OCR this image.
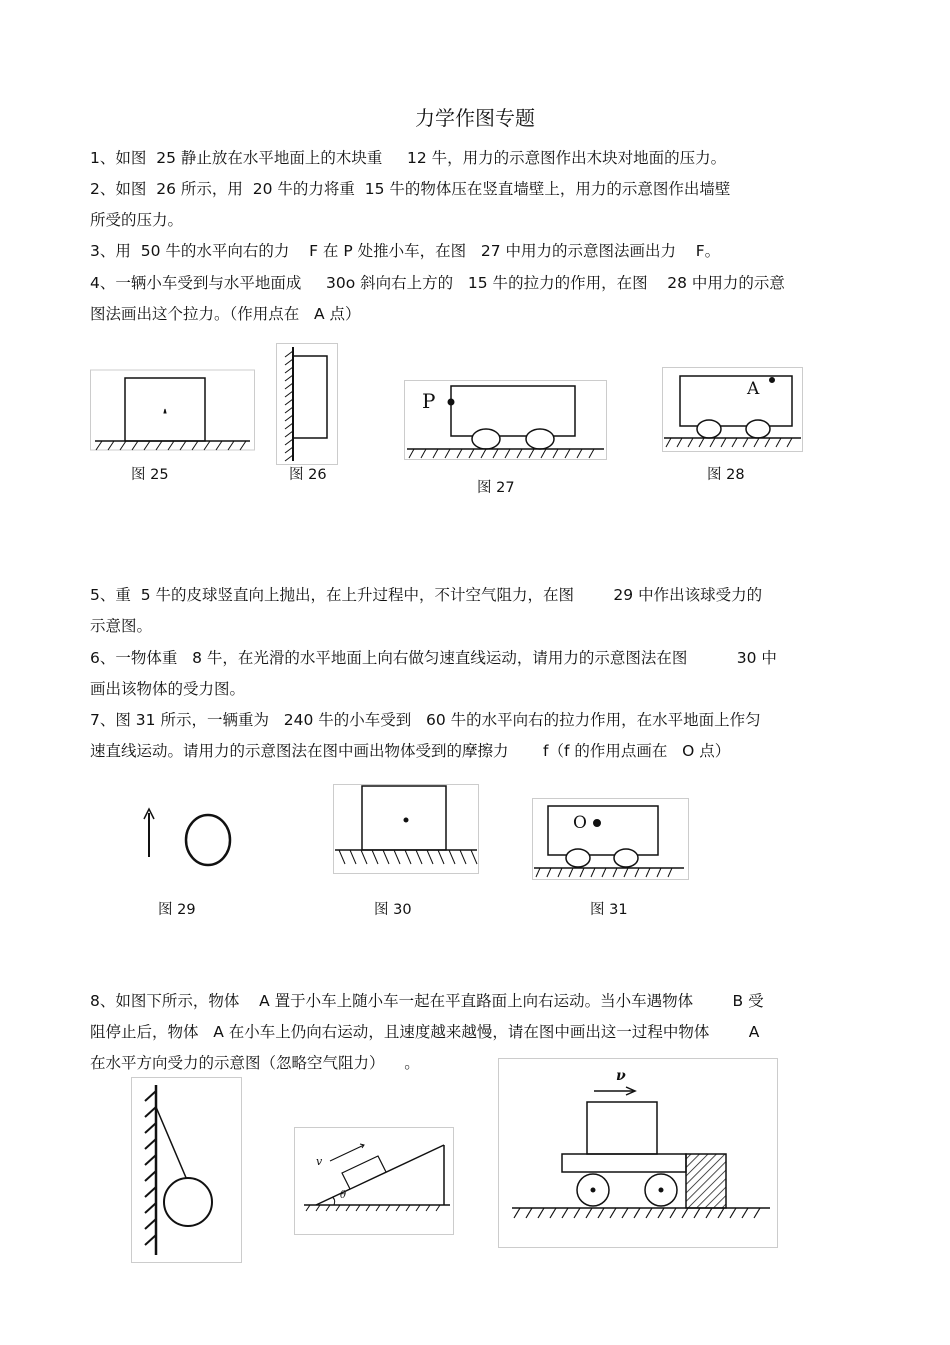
力学作图专题
1、如图  25 静止放在水平地面上的木块重     12 牛，用力的示意图作出木块对地面的压力。
2、如图  26 所示，用  20 牛的力将重  15 牛的物体压在竖直墙壁上，用力的示意图作出墙壁
所受的压力。
3、用  50 牛的水平向右的力    F 在 P 处推小车，在图   27 中用力的示意图法画出力    F。
4、一辆小车受到与水平地面成     30o 斜向右上方的   15 牛的拉力的作用，在图    28 中用力的示意
图法画出这个拉力。（作用点在   A 点）
图 25	图 26
P
图 27
A
图 28
5、重  5 牛的皮球竖直向上抛出，在上升过程中，不计空气阻力，在图        29 中作出该球受力的
示意图。
6、一物体重   8 牛，在光滑的水平地面上向右做匀速直线运动，请用力的示意图法在图          30 中
画出该物体的受力图。
7、图 31 所示，一辆重为   240 牛的小车受到   60 牛的水平向右的拉力作用，在水平地面上作匀
速直线运动。请用力的示意图法在图中画出物体受到的摩擦力       f（f 的作用点画在   O 点）
图 29	图 30
O
图 31
8、如图下所示，物体    A 置于小车上随小车一起在平直路面上向右运动。当小车遇物体        B 受
阻停止后，物体   A 在小车上仍向右运动，且速度越来越慢，请在图中画出这一过程中物体        A
在水平方向受力的示意图（忽略空气阻力）    。
v
θ
ν
